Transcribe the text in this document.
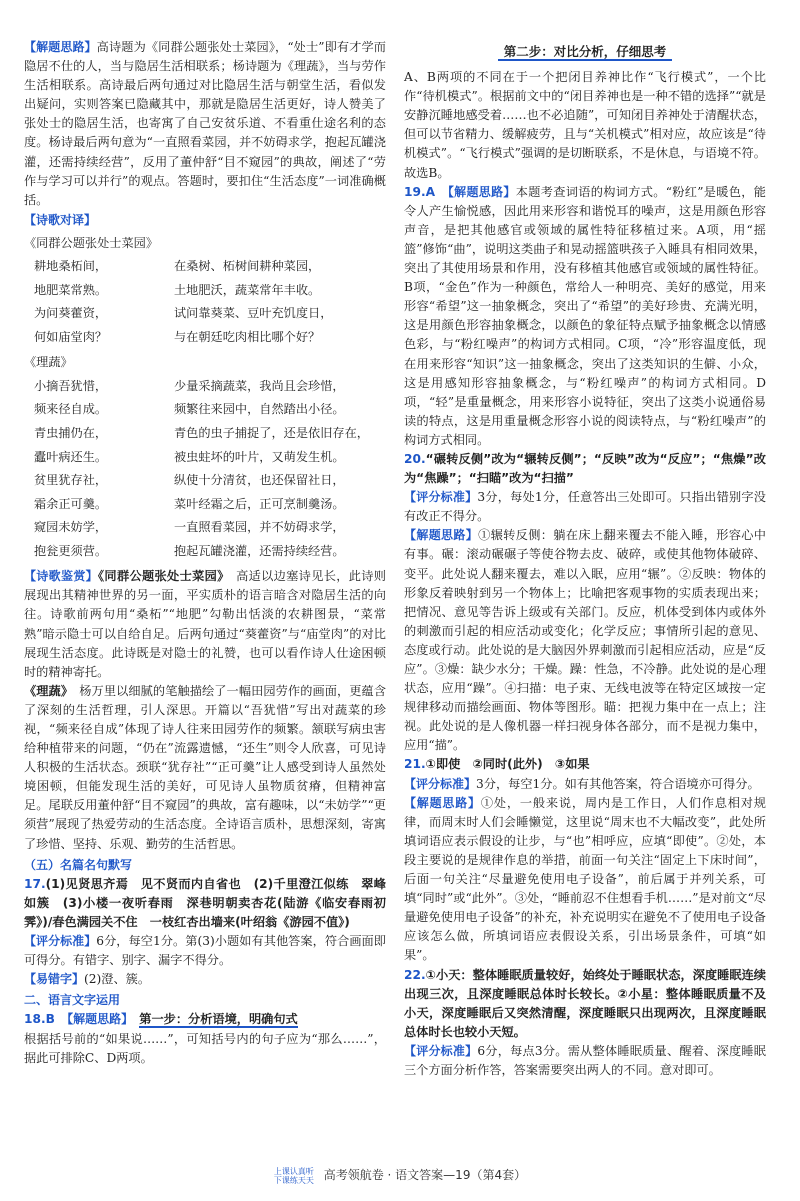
【解题思路】高诗题为《同群公题张处士菜园》，“处士”即有才学而隐居不仕的人，当与隐居生活相联系；杨诗题为《理蔬》，当与劳作生活相联系。高诗最后两句通过对比隐居生活与朝堂生活，看似发出疑问，实则答案已隐藏其中，那就是隐居生活更好，诗人赞美了张处士的隐居生活，也寄寓了自己安贫乐道、不看重仕途名利的态度。杨诗最后两句意为“一直照看菜园，并不妨碍求学，抱起瓦罐浇灌，还需持续经营”，反用了董仲舒“目不窥园”的典故，阐述了“劳作与学习可以并行”的观点。答题时，要扣住“生活态度”一词准确概括。

【诗歌对译】
《同群公题张处士菜园》
耕地桑柘间，	在桑树、柘树间耕种菜园，
地肥菜常熟。	土地肥沃，蔬菜常年丰收。
为问葵藿资，	试问靠葵菜、豆叶充饥度日，
何如庙堂肉？	与在朝廷吃肉相比哪个好？
《理蔬》
小摘吾犹惜，	少量采摘蔬菜，我尚且会珍惜，
频来径自成。	频繁往来园中，自然踏出小径。
青虫捕仍在，	青色的虫子捕捉了，还是依旧存在，
蠹叶病还生。	被虫蛀坏的叶片，又萌发生机。
贫里犹存社，	纵使十分清贫，也还保留社日，
霜余正可羹。	菜叶经霜之后，正可烹制羹汤。
窥园未妨学，	一直照看菜园，并不妨碍求学，
抱瓮更须营。	抱起瓦罐浇灌，还需持续经营。

【诗歌鉴赏】《同群公题张处士菜园》　 高适以边塞诗见长，此诗则展现出其精神世界的另一面，平实质朴的语言暗含对隐居生活的向往。诗歌前两句用“桑柘”“地肥”勾勒出恬淡的农耕图景，“菜常熟”暗示隐士可以自给自足。后两句通过“葵藿资”与“庙堂肉”的对比展现生活态度。此诗既是对隐士的礼赞，也可以看作诗人仕途困顿时的精神寄托。

《理蔬》　 杨万里以细腻的笔触描绘了一幅田园劳作的画面，更蕴含了深刻的生活哲理，引人深思。开篇以“吾犹惜”写出对蔬菜的珍视，“频来径自成”体现了诗人往来田园劳作的频繁。颔联写病虫害给种植带来的问题，“仍在”流露遗憾，“还生”则令人欣喜，可见诗人积极的生活状态。颈联“犹存社”“正可羹”让人感受到诗人虽然处境困顿，但能发现生活的美好，可见诗人虽物质贫瘠，但精神富足。尾联反用董仲舒“目不窥园”的典故，富有趣味，以“未妨学”“更须营”展现了热爱劳动的生活态度。全诗语言质朴，思想深刻，寄寓了珍惜、坚持、乐观、勤劳的生活哲思。

（五）名篇名句默写

17.(1)见贤思齐焉　见不贤而内自省也　(2)千里澄江似练　翠峰如簇　(3)小楼一夜听春雨　深巷明朝卖杏花(陆游《临安春雨初霁》)/春色满园关不住　一枝红杏出墙来(叶绍翁《游园不值》)

【评分标准】6分，每空1分。第(3)小题如有其他答案，符合画面即可得分。有错字、别字、漏字不得分。

【易错字】(2)澄、簇。

二、语言文字运用

18.B　 【解题思路】　 第一步：分析语境，明确句式

根据括号前的“如果说……”，可知括号内的句子应为“那么……”，据此可排除C、D两项。

第二步：对比分析，仔细思考

A、B两项的不同在于一个把闭目养神比作“飞行模式”，一个比作“待机模式”。根据前文中的“闭目养神也是一种不错的选择”“就是安静沉睡地感受着……也不必追随”，可知闭目养神处于清醒状态，但可以节省精力、缓解疲劳，且与“关机模式”相对应，故应该是“待机模式”。“飞行模式”强调的是切断联系，不是休息，与语境不符。故选B。

19.A　 【解题思路】本题考查词语的构词方式。“粉红”是暖色，能令人产生愉悦感，因此用来形容和谐悦耳的噪声，这是用颜色形容声音，是把其他感官或领域的属性特征移植过来。A项，用“摇篮”修饰“曲”，说明这类曲子和晃动摇篮哄孩子入睡具有相同效果，突出了其使用场景和作用，没有移植其他感官或领域的属性特征。B项，“金色”作为一种颜色，常给人一种明亮、美好的感觉，用来形容“希望”这一抽象概念，突出了“希望”的美好珍贵、充满光明，这是用颜色形容抽象概念，以颜色的象征特点赋予抽象概念以情感色彩，与“粉红噪声”的构词方式相同。C项，“冷”形容温度低，现在用来形容“知识”这一抽象概念，突出了这类知识的生僻、小众，这是用感知形容抽象概念，与“粉红噪声”的构词方式相同。D项，“轻”是重量概念，用来形容小说特征，突出了这类小说通俗易读的特点，这是用重量概念形容小说的阅读特点，与“粉红噪声”的构词方式相同。

20.“碾转反侧”改为“辗转反侧”；“反映”改为“反应”；“焦燥”改为“焦躁”；“扫瞄”改为“扫描”

【评分标准】3分，每处1分，任意答出三处即可。只指出错别字没有改正不得分。

【解题思路】①辗转反侧：躺在床上翻来覆去不能入睡，形容心中有事。碾：滚动碾碾子等使谷物去皮、破碎，或使其他物体破碎、变平。此处说人翻来覆去，难以入眠，应用“辗”。②反映：物体的形象反着映射到另一个物体上；比喻把客观事物的实质表现出来；把情况、意见等告诉上级或有关部门。反应，机体受到体内或体外的刺激而引起的相应活动或变化；化学反应；事情所引起的意见、态度或行动。此处说的是大脑因外界刺激而引起相应活动，应是“反应”。③燥：缺少水分；干燥。躁：性急，不冷静。此处说的是心理状态，应用“躁”。④扫描：电子束、无线电波等在特定区域按一定规律移动而描绘画面、物体等图形。瞄：把视力集中在一点上；注视。此处说的是人像机器一样扫视身体各部分，而不是视力集中，应用“描”。

21.①即使　②同时(此外)　③如果

【评分标准】3分，每空1分。如有其他答案，符合语境亦可得分。

【解题思路】①处，一般来说，周内是工作日，人们作息相对规律，而周末时人们会睡懒觉，这里说“周末也不大幅改变”，此处所填词语应表示假设的让步，与“也”相呼应，应填“即使”。②处，本段主要说的是规律作息的举措，前面一句关注“固定上下床时间”，后面一句关注“尽量避免使用电子设备”，前后属于并列关系，可填“同时”或“此外”。③处，“睡前忍不住想看手机……”是对前文“尽量避免使用电子设备”的补充，补充说明实在避免不了使用电子设备应该怎么做，所填词语应表假设关系，引出场景条件，可填“如果”。

22.①小天：整体睡眠质量较好，始终处于睡眠状态，深度睡眠连续出现三次，且深度睡眠总体时长较长。②小星：整体睡眠质量不及小天，深度睡眠后又突然清醒，深度睡眠只出现两次，且深度睡眠总体时长也较小天短。

【评分标准】6分，每点3分。需从整体睡眠质量、醒着、深度睡眠三个方面分析作答，答案需要突出两人的不同。意对即可。

上课认真听
下课练天天 高考领航卷 · 语文答案—19（第4套）
